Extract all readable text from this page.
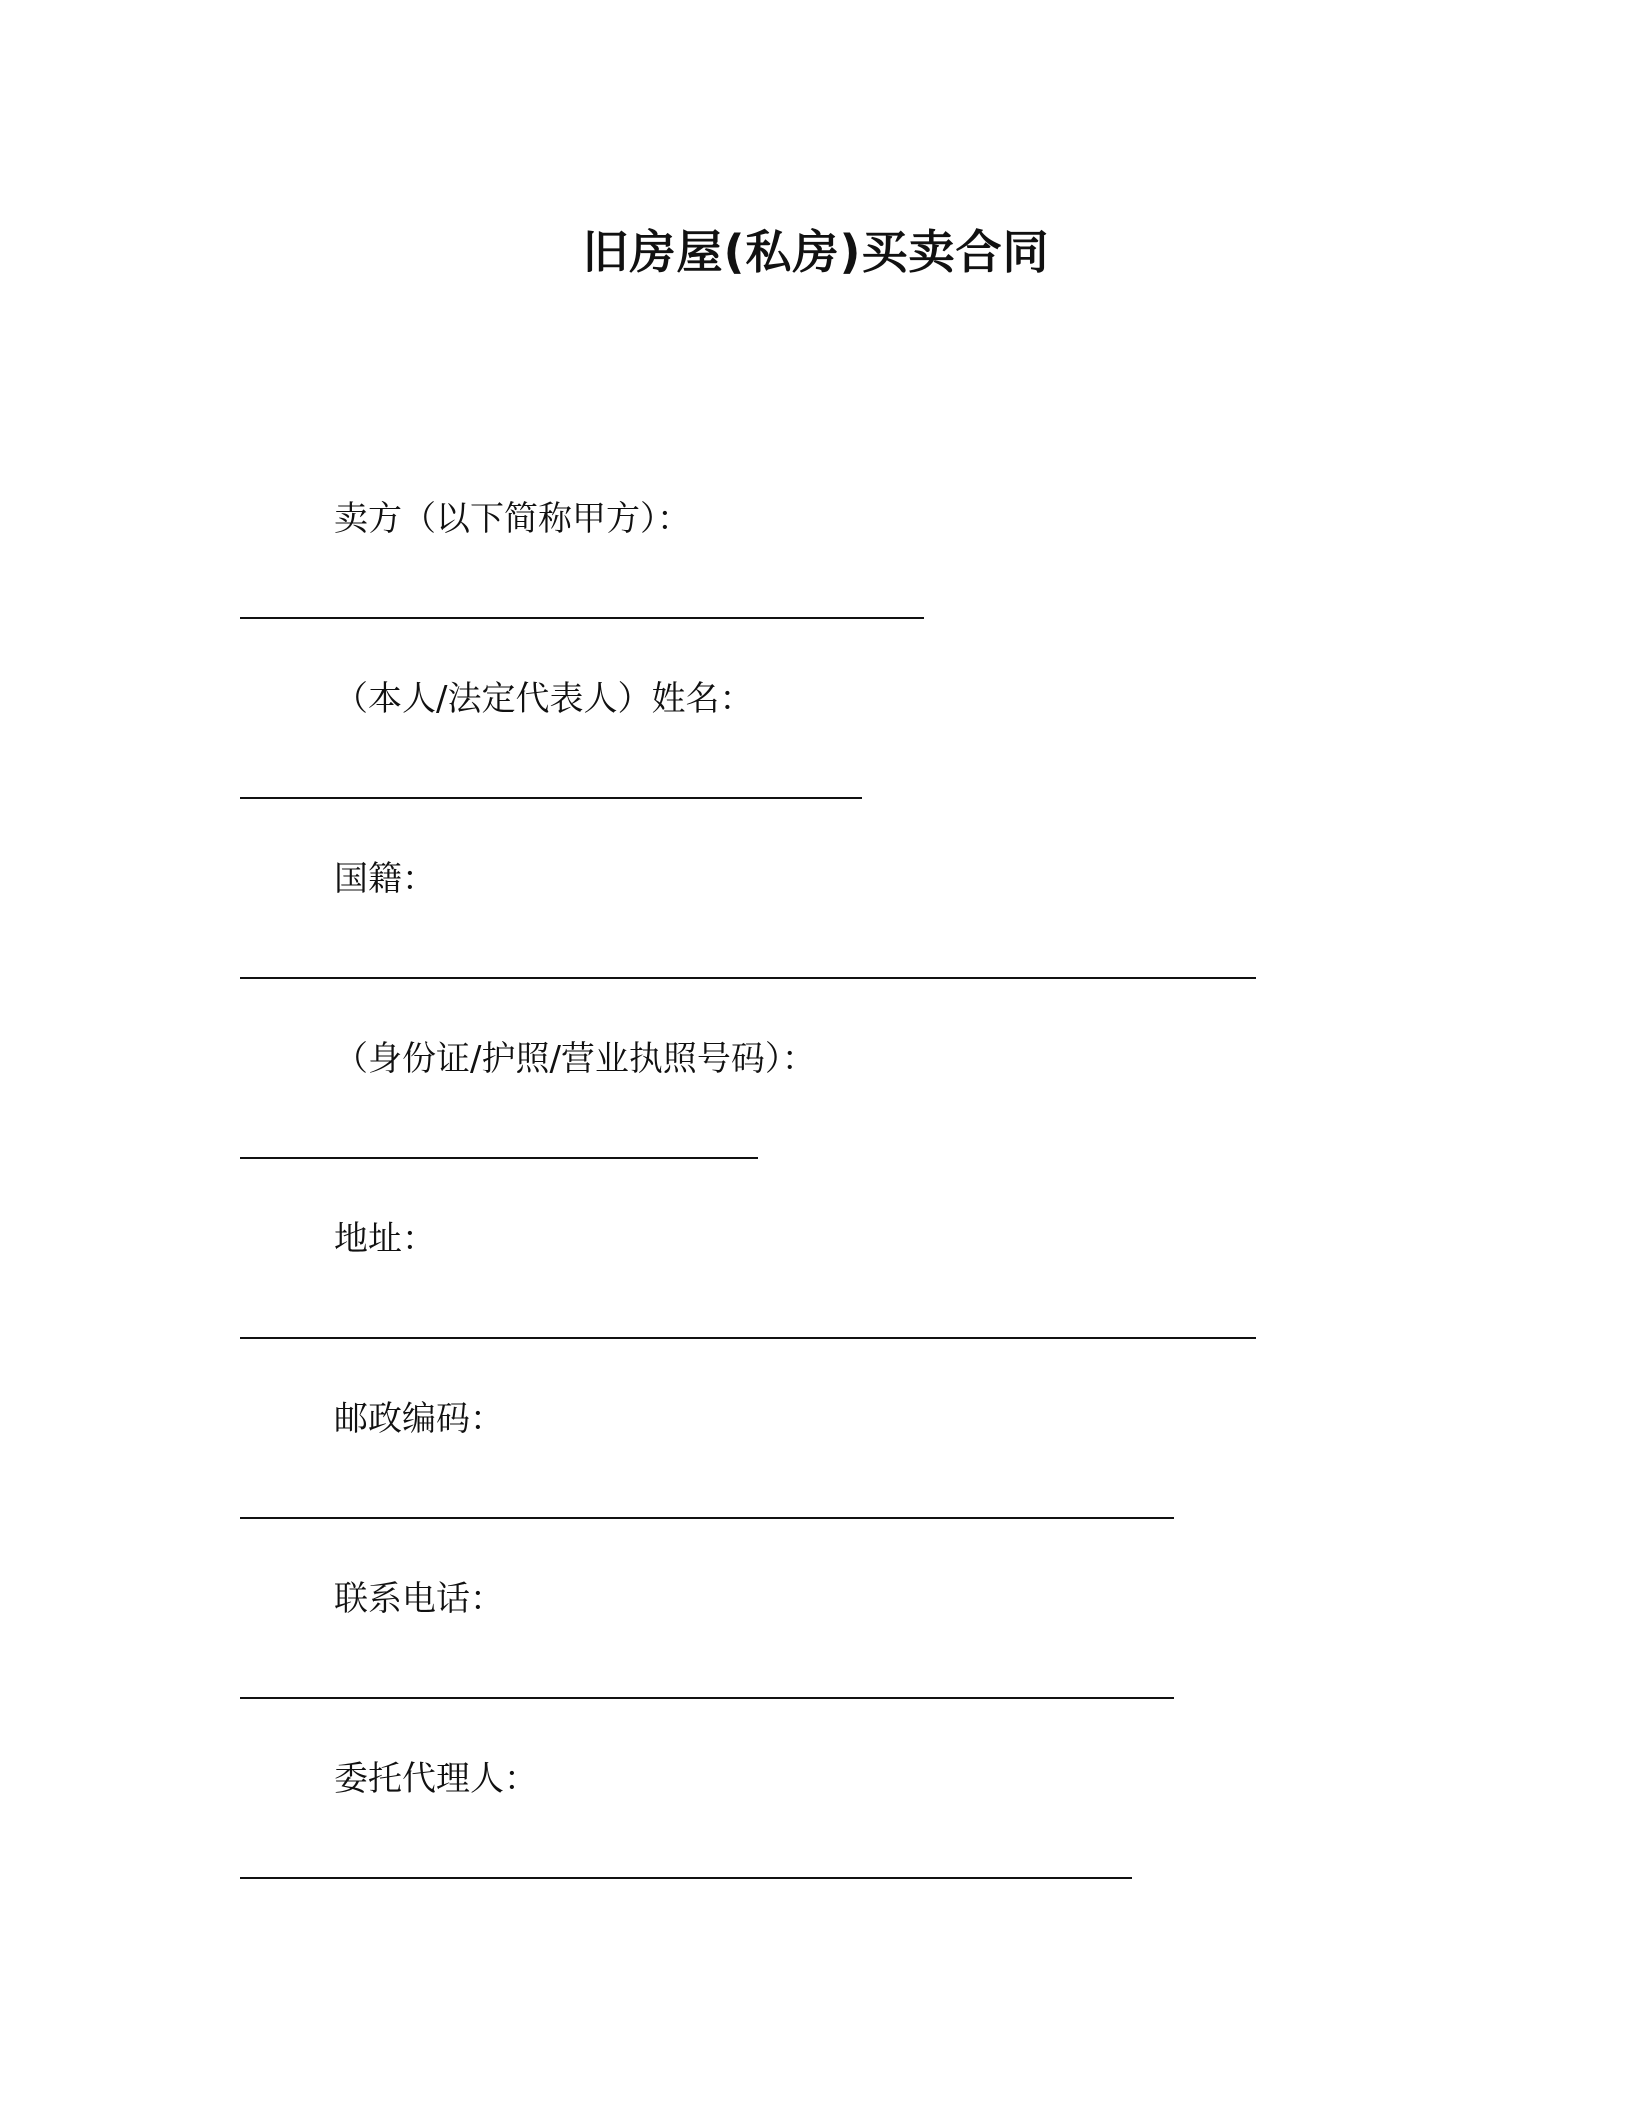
旧房屋(私房)买卖合同
卖方（以下简称甲方）：
（本人/法定代表人）姓名：
国籍：
（身份证/护照/营业执照号码）：
地址：
邮政编码：
联系电话：
委托代理人：
